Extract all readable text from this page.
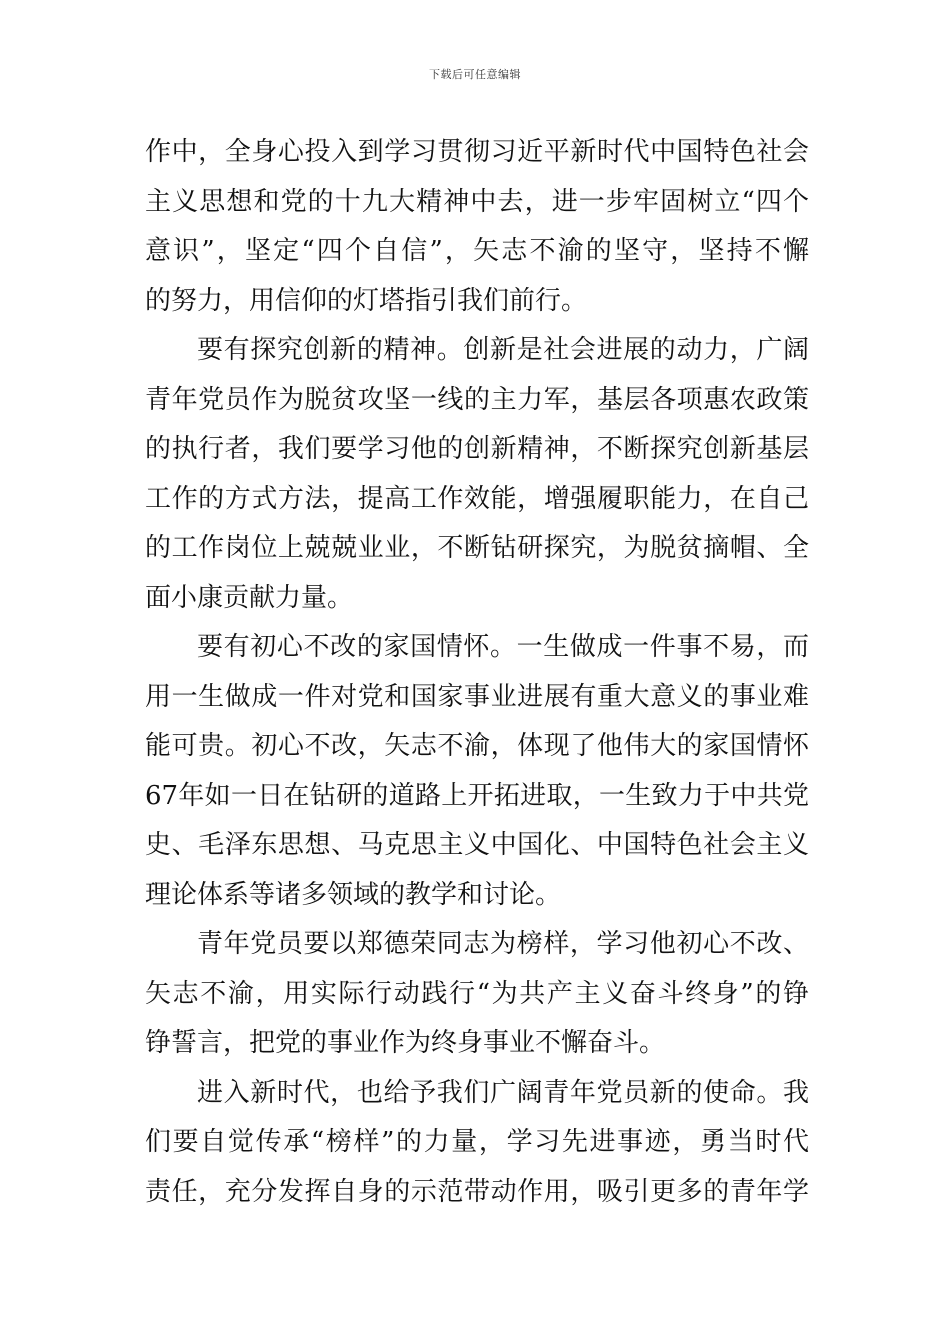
下载后可任意编辑
作中，全身心投入到学习贯彻习近平新时代中国特色社会
主义思想和党的十九大精神中去，进一步牢固树立“四个
意识”，坚定“四个自信”，矢志不渝的坚守，坚持不懈
的努力，用信仰的灯塔指引我们前行。
要有探究创新的精神。创新是社会进展的动力，广阔
青年党员作为脱贫攻坚一线的主力军，基层各项惠农政策
的执行者，我们要学习他的创新精神，不断探究创新基层
工作的方式方法，提高工作效能，增强履职能力，在自己
的工作岗位上兢兢业业，不断钻研探究，为脱贫摘帽、全
面小康贡献力量。
要有初心不改的家国情怀。一生做成一件事不易，而
用一生做成一件对党和国家事业进展有重大意义的事业难
能可贵。初心不改，矢志不渝，体现了他伟大的家国情怀
67年如一日在钻研的道路上开拓进取，一生致力于中共党
史、毛泽东思想、马克思主义中国化、中国特色社会主义
理论体系等诸多领域的教学和讨论。
青年党员要以郑德荣同志为榜样，学习他初心不改、
矢志不渝，用实际行动践行“为共产主义奋斗终身”的铮
铮誓言，把党的事业作为终身事业不懈奋斗。
进入新时代，也给予我们广阔青年党员新的使命。我
们要自觉传承“榜样”的力量，学习先进事迹，勇当时代
责任，充分发挥自身的示范带动作用，吸引更多的青年学
